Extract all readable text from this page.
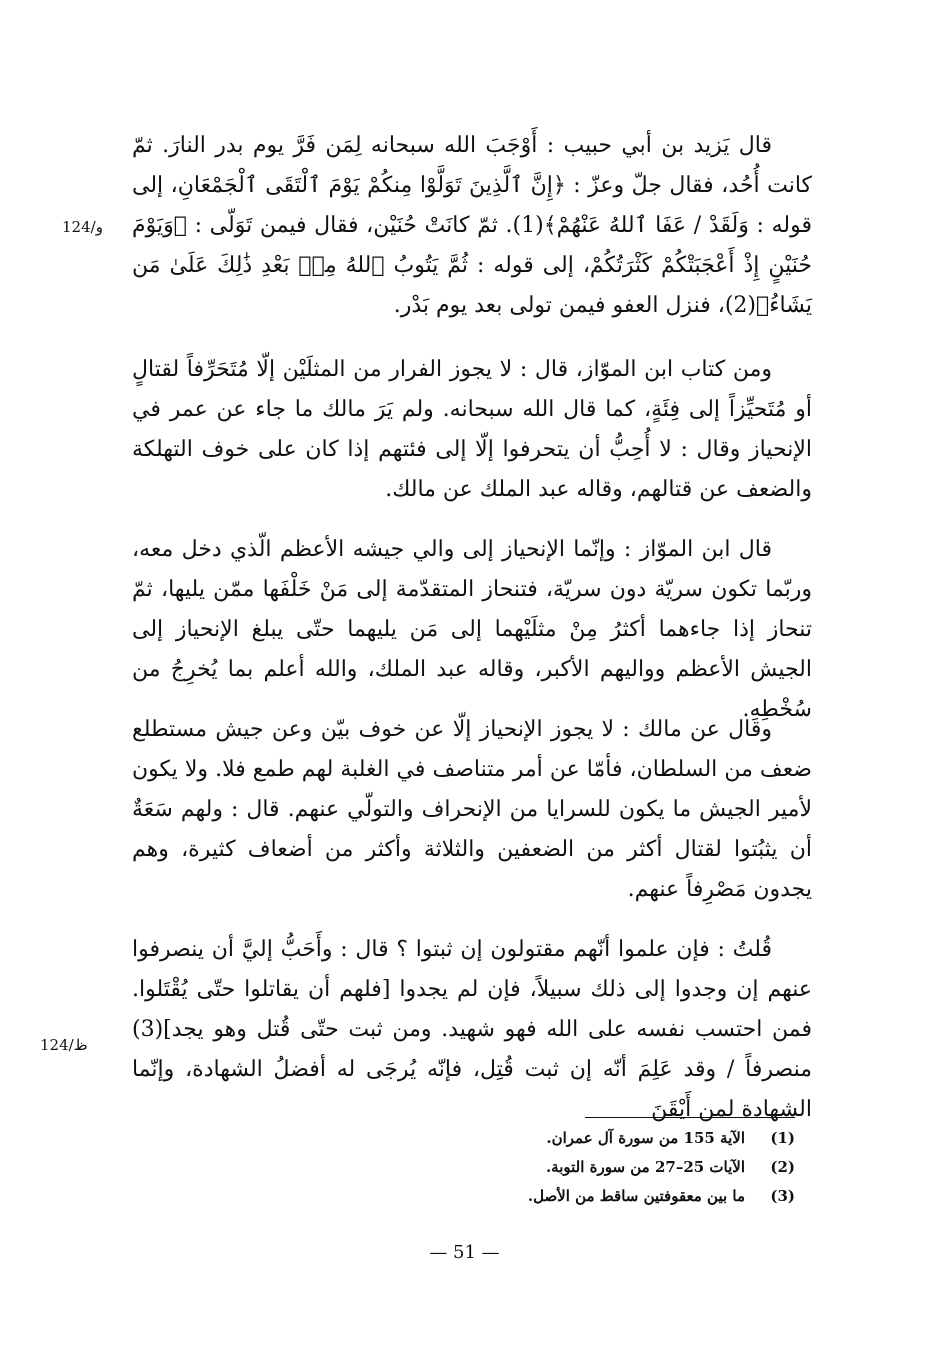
قال يَزيد بن أبي حبيب : أَوْجَبَ الله سبحانه لِمَن فَرَّ يوم بدر النارَ. ثمّ كانت أُحُد، فقال جلّ وعزّ : ﴿إِنَّ ٱلَّذِينَ تَوَلَّوْا مِنكُمْ يَوْمَ ٱلْتَقَى ٱلْجَمْعَانِ، إلى قوله : وَلَقَدْ / عَفَا ٱللهُ عَنْهُمْ﴾(1). ثمّ كانَتْ حُنَيْن، فقال فيمن تَوَلّى : ﴿وَيَوْمَ حُنَيْنٍ إِذْ أَعْجَبَتْكُمْ كَثْرَتُكُمْ، إلى قوله : ثُمَّ يَتُوبُ ٱللهُ مِنۢ بَعْدِ ذَٰلِكَ عَلَىٰ مَن يَشَاءُ﴾(2)، فنزل العفو فيمن تولى بعد يوم بَدْر.

124/و

ومن كتاب ابن الموّاز، قال : لا يجوز الفرار من المثلَيْن إلّا مُتَحَرِّفاً لقتالٍ أو مُتَحيِّزاً إلى فِئَةٍ، كما قال الله سبحانه. ولم يَرَ مالك ما جاء عن عمر في الإنحياز وقال : لا أُحِبُّ أن يتحرفوا إلّا إلى فئتهم إذا كان على خوف التهلكة والضعف عن قتالهم، وقاله عبد الملك عن مالك.

قال ابن الموّاز : وإنّما الإنحياز إلى والي جيشه الأعظم الّذي دخل معه، وربّما تكون سريّة دون سريّة، فتنحاز المتقدّمة إلى مَنْ خَلْفَها ممّن يليها، ثمّ تنحاز إذا جاءهما أكثرُ مِنْ مثلَيْهما إلى مَن يليهما حتّى يبلغ الإنحياز إلى الجيش الأعظم وواليهم الأكبر، وقاله عبد الملك، والله أعلم بما يُخرِجُ من سُخْطِهِ.

وقال عن مالك : لا يجوز الإنحياز إلّا عن خوف بيّن وعن جيش مستطلع ضعف من السلطان، فأمّا عن أمر متناصف في الغلبة لهم طمع فلا. ولا يكون لأمير الجيش ما يكون للسرايا من الإنحراف والتولّي عنهم. قال : ولهم سَعَةٌ أن يثبُتوا لقتال أكثر من الضعفين والثلاثة وأكثر من أضعاف كثيرة، وهم يجدون مَصْرِفاً عنهم.

قُلتُ : فإن علموا أنّهم مقتولون إن ثبتوا ؟ قال : وأَحَبُّ إليَّ أن ينصرفوا عنهم إن وجدوا إلى ذلك سبيلاً، فإن لم يجدوا [فلهم أن يقاتلوا حتّى يُقْتَلوا. فمن احتسب نفسه على الله فهو شهيد. ومن ثبت حتّى قُتل وهو يجد](3) منصرفاً / وقد عَلِمَ أنّه إن ثبت قُتِل، فإنّه يُرجَى له أفضلُ الشهادة، وإنّما الشهادة لمن أَيْقَنَ

124/ظ
(1)
الآية 155 من سورة آل عمران.
(2)
الآيات 25–27 من سورة التوبة.
(3)
ما بين معقوفتين ساقط من الأصل.
— 51 —
